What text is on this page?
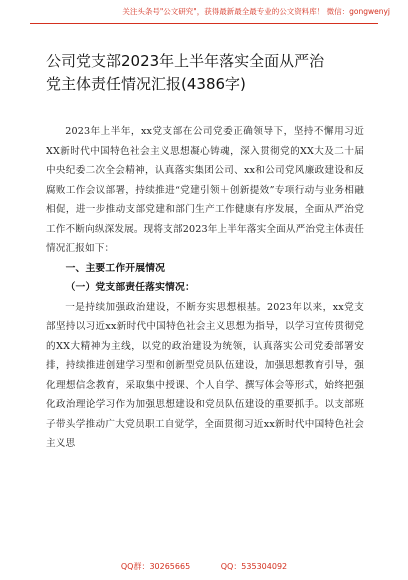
关注头条号"公文研究"，获得最新最全最专业的公文资料库！ 微信：gongwenyj
公司党支部2023年上半年落实全面从严治
党主体责任情况汇报(4386字)

2023年上半年，xx党支部在公司党委正确领导下，坚持不懈用习近XX新时代中国特色社会主义思想凝心铸魂，深入贯彻党的XX大及二十届中央纪委二次全会精神，认真落实集团公司、xx和公司党风廉政建设和反腐败工作会议部署，持续推进“党建引领＋创新提效”专项行动与业务相融相促，进一步推动支部党建和部门生产工作健康有序发展，全面从严治党工作不断向纵深发展。现将支部2023年上半年落实全面从严治党主体责任情况汇报如下：

一、主要工作开展情况

（一）党支部责任落实情况：

一是持续加强政治建设，不断夯实思想根基。2023年以来，xx党支部坚持以习近xx新时代中国特色社会主义思想为指导，以学习宣传贯彻党的XX大精神为主线，以党的政治建设为统领，认真落实公司党委部署安排，持续推进创建学习型和创新型党员队伍建设，加强思想教育引导，强化理想信念教育，采取集中授课、个人自学、撰写体会等形式，始终把强化政治理论学习作为加强思想建设和党员队伍建设的重要抓手。以支部班子带头学推动广大党员职工自觉学，全面贯彻习近xx新时代中国特色社会主义思

QQ群：30265665	QQ：535304092
